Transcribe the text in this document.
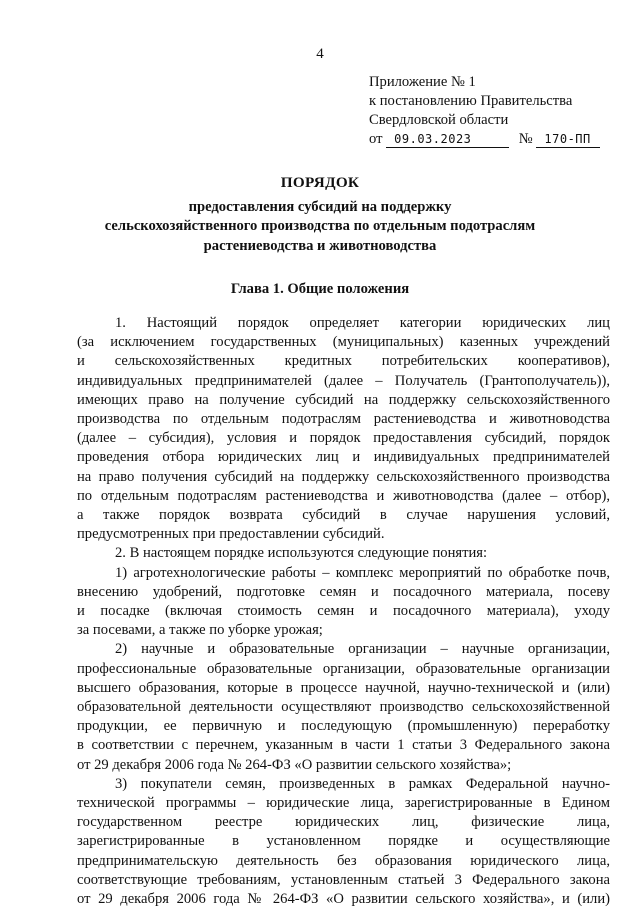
4
Приложение № 1
к постановлению Правительства
Свердловской области
от 09.03.2023	№ 170-ПП
ПОРЯДОК
предоставления субсидий на поддержку
сельскохозяйственного производства по отдельным подотраслям
растениеводства и животноводства
Глава 1. Общие положения
1. Настоящий порядок определяет категории юридических лиц
(за исключением государственных (муниципальных) казенных учреждений
и сельскохозяйственных кредитных потребительских кооперативов),
индивидуальных предпринимателей (далее – Получатель (Грантополучатель)),
имеющих право на получение субсидий на поддержку сельскохозяйственного
производства по отдельным подотраслям растениеводства и животноводства
(далее – субсидия), условия и порядок предоставления субсидий, порядок
проведения отбора юридических лиц и индивидуальных предпринимателей
на право получения субсидий на поддержку сельскохозяйственного производства
по отдельным подотраслям растениеводства и животноводства (далее – отбор),
а также порядок возврата субсидий в случае нарушения условий,
предусмотренных при предоставлении субсидий.
2. В настоящем порядке используются следующие понятия:
1) агротехнологические работы – комплекс мероприятий по обработке почв,
внесению удобрений, подготовке семян и посадочного материала, посеву
и посадке (включая стоимость семян и посадочного материала), уходу
за посевами, а также по уборке урожая;
2) научные и образовательные организации – научные организации,
профессиональные образовательные организации, образовательные организации
высшего образования, которые в процессе научной, научно-технической и (или)
образовательной деятельности осуществляют производство сельскохозяйственной
продукции, ее первичную и последующую (промышленную) переработку
в соответствии с перечнем, указанным в части 1 статьи 3 Федерального закона
от 29 декабря 2006 года № 264-ФЗ «О развитии сельского хозяйства»;
3) покупатели семян, произведенных в рамках Федеральной научно-
технической программы – юридические лица, зарегистрированные в Едином
государственном реестре юридических лиц, физические лица,
зарегистрированные в установленном порядке и осуществляющие
предпринимательскую деятельность без образования юридического лица,
соответствующие требованиям, установленным статьей 3 Федерального закона
от 29 декабря 2006 года № 264-ФЗ «О развитии сельского хозяйства», и (или)
